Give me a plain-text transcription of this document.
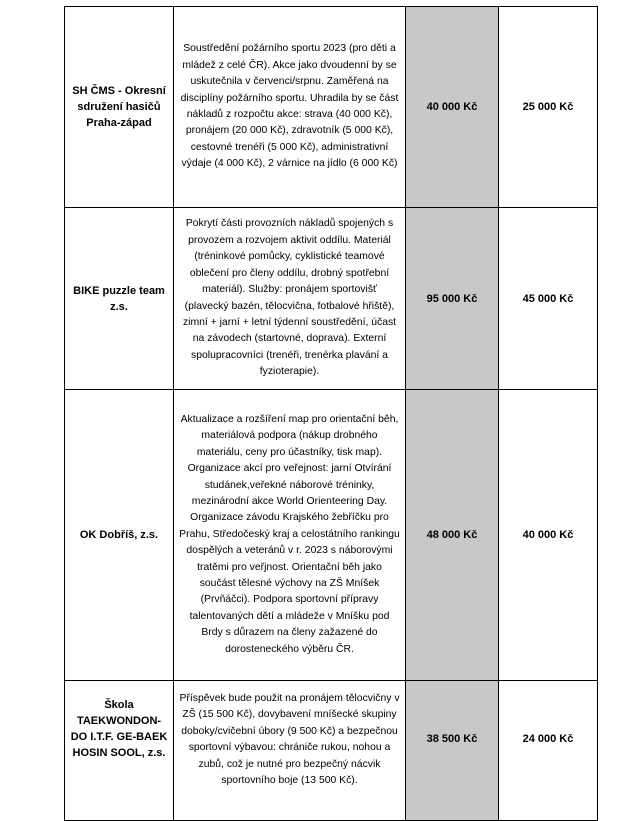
SH ČMS - Okresní sdružení hasičů Praha-západ	Soustředění požárního sportu 2023 (pro děti a mládež z celé ČR). Akce jako dvoudenní by se uskutečnila v červenci/srpnu. Zaměřená na disciplíny požárního sportu. Uhradila by se část nákladů z rozpočtu akce: strava (40 000 Kč), pronájem (20 000 Kč), zdravotník (5 000 Kč), cestovné trenéři (5 000 Kč), administrativní výdaje (4 000 Kč), 2 várnice na jídlo (6 000 Kč)	40 000 Kč	25 000 Kč
BIKE puzzle team z.s.	Pokrytí části provozních nákladů spojených s provozem a rozvojem aktivit oddílu. Materiál (tréninkové pomůcky, cyklistické teamové oblečení pro členy oddílu, drobný spotřební materiál). Služby: pronájem sportovišť (plavecký bazén, tělocvična, fotbalové hřiště), zimní + jarní + letní týdenní soustředění, účast na závodech (startovné, doprava). Externí spolupracovníci (trenéři, trenérka plavání a fyzioterapie).	95 000 Kč	45 000 Kč
OK Dobříš, z.s.	Aktualizace a rozšíření map pro orientační běh, materiálová podpora (nákup drobného materiálu, ceny pro účastníky, tisk map). Organizace akcí pro veřejnost: jarní Otvírání studánek,veřekné náborové tréninky, mezinárodní akce World Orienteering Day. Organizace závodu Krajského žebříčku pro Prahu, Středočeský kraj a celostátního rankingu dospělých a veteránů v r. 2023 s náborovými tratěmi pro veřjnost. Orientační běh jako součást tělesné výchovy na ZŠ Mníšek (Prvňáčci). Podpora sportovní přípravy talentovaných dětí a mládeže v Mníšku pod Brdy s důrazem na členy zažazené do dorosteneckého výběru ČR.	48 000 Kč	40 000 Kč
Škola TAEKWONDON-DO I.T.F. GE-BAEK HOSIN SOOL, z.s.	Příspěvek bude použit na pronájem tělocvičny v ZŠ (15 500 Kč), dovybavení mníšecké skupiny doboky/cvičební úbory (9 500 Kč) a bezpečnou sportovní výbavou: chrániče rukou, nohou a zubů, což je nutné pro bezpečný nácvik sportovního boje (13 500 Kč).	38 500 Kč	24 000 Kč
